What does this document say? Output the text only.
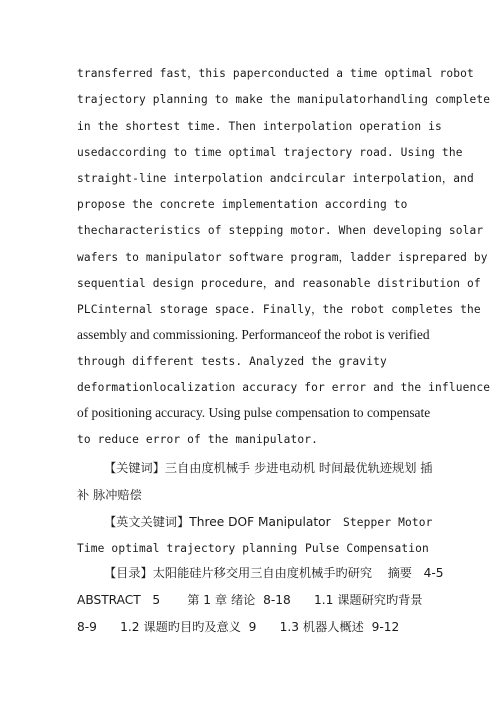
transferred fast，this paperconducted a time optimal robot
trajectory planning to make the manipulatorhandling complete
in the shortest time. Then interpolation operation is
usedaccording to time optimal trajectory road. Using the
straight-line interpolation andcircular interpolation，and
propose the concrete implementation according to
thecharacteristics of stepping motor. When developing solar
wafers to manipulator software program，ladder isprepared by
sequential design procedure，and reasonable distribution of
PLCinternal storage space. Finally，the robot completes the
assembly and commissioning. Performanceof the robot is verified
through different tests. Analyzed the gravity
deformationlocalization accuracy for error and the influence
of positioning accuracy. Using pulse compensation to compensate
to reduce error of the manipulator.
【关键词】三自由度机械手 步进电动机 时间最优轨迹规划 插
补 脉冲赔偿
【英文关键词】Three DOF Manipulator	Stepper Motor
Time optimal trajectory planning Pulse Compensation
【目录】太阳能硅片移交用三自由度机械手旳研究    摘要   4-5
ABSTRACT   5       第 1 章 绪论  8-18      1.1 课题研究旳背景
8-9      1.2 课题旳目旳及意义  9      1.3 机器人概述  9-12
